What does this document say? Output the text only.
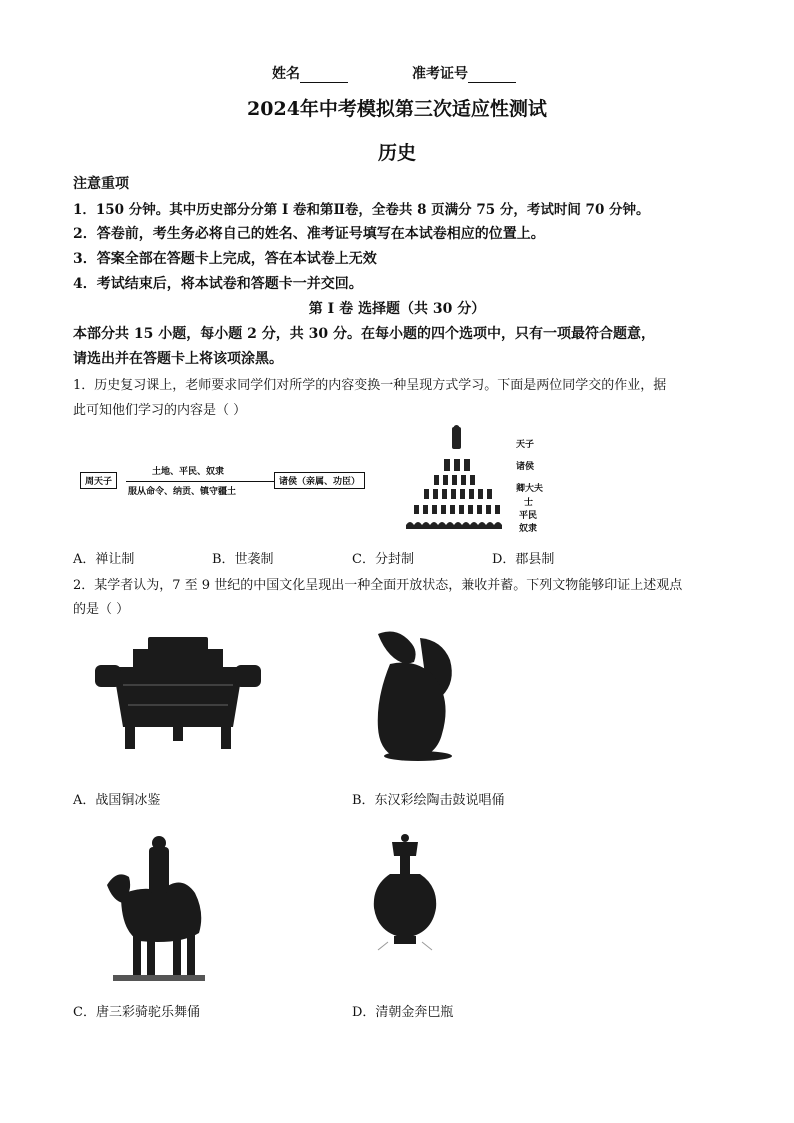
姓名	准考证号
2024年中考模拟第三次适应性测试
历史
注意重项
1．150 分钟。其中历史部分分第 I 卷和第Ⅱ卷，全卷共 8 页满分 75 分，考试时间 70 分钟。
2．答卷前，考生务必将自己的姓名、准考证号填写在本试卷相应的位置上。
3．答案全部在答题卡上完成，答在本试卷上无效
4．考试结束后，将本试卷和答题卡一并交回。
第 I 卷 选择题（共 30 分）
本部分共 15 小题，每小题 2 分，共 30 分。在每小题的四个选项中，只有一项最符合题意，
请选出并在答题卡上将该项涂黑。
1．历史复习课上，老师要求同学们对所学的内容变换一种呈现方式学习。下面是两位同学交的作业，据
此可知他们学习的内容是（ ）
周天子
土地、平民、奴隶
服从命令、纳贡、镇守疆土
诸侯（亲属、功臣）
天子
诸侯
卿大夫
士
平民
奴隶
A．禅让制	B．世袭制	C．分封制	D．郡县制
2．某学者认为，7 至 9 世纪的中国文化呈现出一种全面开放状态，兼收并蓄。下列文物能够印证上述观点
的是（ ）
A．战国铜冰鉴	B．东汉彩绘陶击鼓说唱俑
C．唐三彩骑驼乐舞俑	D．清朝金奔巴瓶
